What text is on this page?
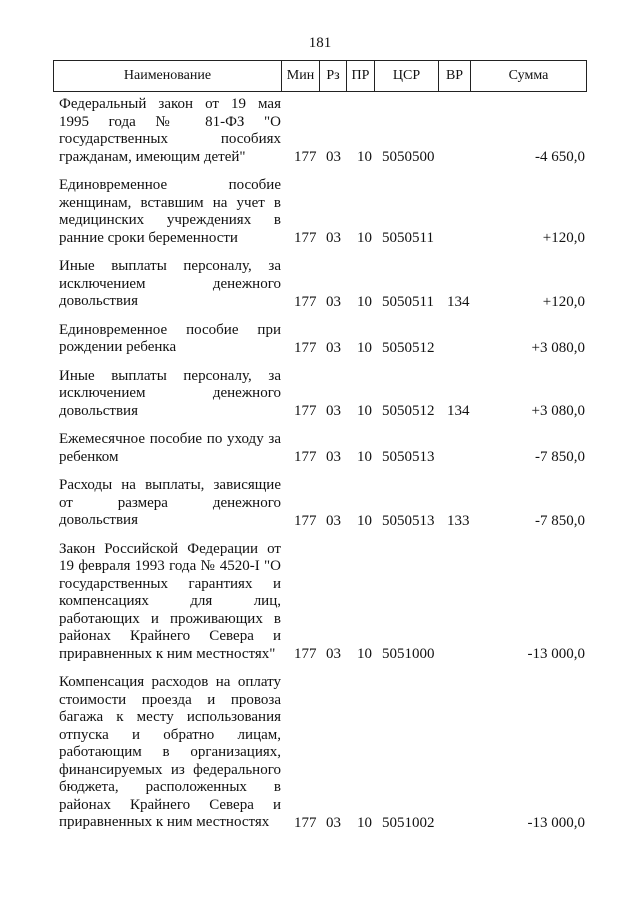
181
Наименование	Мин Рз ПР	ЦСР	ВР	Сумма
Федеральный закон от 19 мая 1995 года № 81-ФЗ "О государственных пособиях гражданам, имеющим детей"	177 03 10 5050500	-4 650,0
Единовременное пособие женщинам, вставшим на учет в медицинских учреждениях в ранние сроки беременности	177 03 10 5050511	+120,0
Иные выплаты персоналу, за исключением денежного довольствия	177 03 10 5050511 134	+120,0
Единовременное пособие при рождении ребенка	177 03 10 5050512	+3 080,0
Иные выплаты персоналу, за исключением денежного довольствия	177 03 10 5050512 134	+3 080,0
Ежемесячное пособие по уходу за ребенком	177 03 10 5050513	-7 850,0
Расходы на выплаты, зависящие от размера денежного довольствия	177 03 10 5050513 133	-7 850,0
Закон Российской Федерации от 19 февраля 1993 года № 4520-I "О государственных гарантиях и компенсациях для лиц, работающих и проживающих в районах Крайнего Севера и приравненных к ним местностях"	177 03 10 5051000	-13 000,0
Компенсация расходов на оплату стоимости проезда и провоза багажа к месту использования отпуска и обратно лицам, работающим в организациях, финансируемых из федерального бюджета, расположенных в районах Крайнего Севера и приравненных к ним местностях	177 03 10 5051002	-13 000,0
